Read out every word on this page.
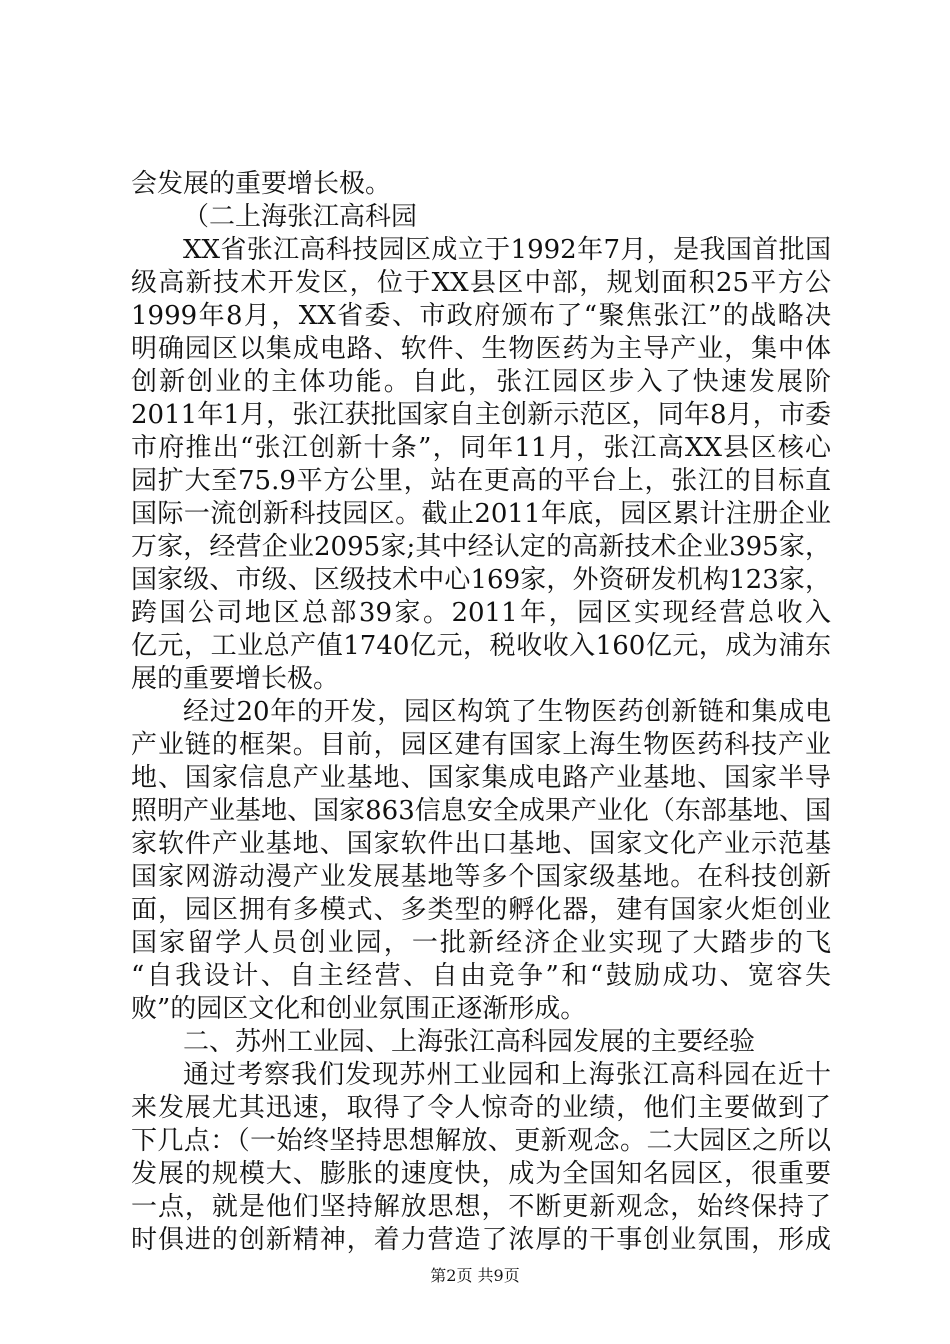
会发展的重要增长极。
（二上海张江高科园
XX省张江高科技园区成立于1992年7月，是我国首批国
级高新技术开发区，位于XX县区中部，规划面积25平方公
1999年8月，XX省委、市政府颁布了“聚焦张江”的战略决
明确园区以集成电路、软件、生物医药为主导产业，集中体
创新创业的主体功能。自此，张江园区步入了快速发展阶
2011年1月，张江获批国家自主创新示范区，同年8月，市委
市府推出“张江创新十条”，同年11月，张江高XX县区核心
园扩大至75.9平方公里，站在更高的平台上，张江的目标直
国际一流创新科技园区。截止2011年底，园区累计注册企业
万家，经营企业2095家;其中经认定的高新技术企业395家，
国家级、市级、区级技术中心169家，外资研发机构123家，
跨国公司地区总部39家。2011年，园区实现经营总收入
亿元，工业总产值1740亿元，税收收入160亿元，成为浦东
展的重要增长极。
经过20年的开发，园区构筑了生物医药创新链和集成电
产业链的框架。目前，园区建有国家上海生物医药科技产业
地、国家信息产业基地、国家集成电路产业基地、国家半导
照明产业基地、国家863信息安全成果产业化（东部基地、国
家软件产业基地、国家软件出口基地、国家文化产业示范基
国家网游动漫产业发展基地等多个国家级基地。在科技创新
面，园区拥有多模式、多类型的孵化器，建有国家火炬创业
国家留学人员创业园，一批新经济企业实现了大踏步的飞
“自我设计、自主经营、自由竞争”和“鼓励成功、宽容失
败”的园区文化和创业氛围正逐渐形成。
二、苏州工业园、上海张江高科园发展的主要经验
通过考察我们发现苏州工业园和上海张江高科园在近十
来发展尤其迅速，取得了令人惊奇的业绩，他们主要做到了
下几点：（一始终坚持思想解放、更新观念。二大园区之所以
发展的规模大、膨胀的速度快，成为全国知名园区，很重要
一点，就是他们坚持解放思想，不断更新观念，始终保持了
时俱进的创新精神，着力营造了浓厚的干事创业氛围，形成
第2页 共9页
